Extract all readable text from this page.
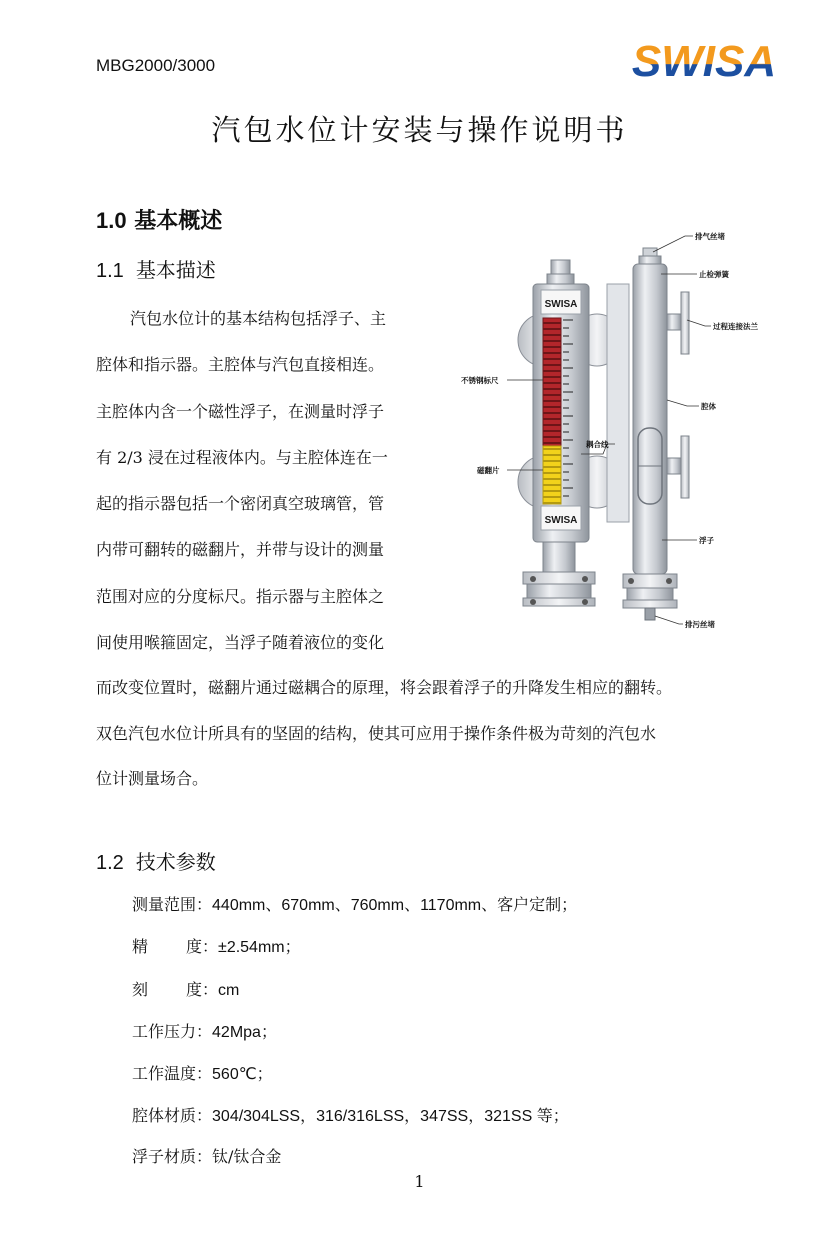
MBG2000/3000	SWISA
汽包水位计安装与操作说明书
1.0 基本概述
1.1 基本描述
汽包水位计的基本结构包括浮子、主
腔体和指示器。主腔体与汽包直接相连。
主腔体内含一个磁性浮子，在测量时浮子
有 2/3 浸在过程液体内。与主腔体连在一
起的指示器包括一个密闭真空玻璃管，管
内带可翻转的磁翻片，并带与设计的测量
范围对应的分度标尺。指示器与主腔体之
间使用喉箍固定，当浮子随着液位的变化
而改变位置时，磁翻片通过磁耦合的原理，将会跟着浮子的升降发生相应的翻转。
双色汽包水位计所具有的坚固的结构，使其可应用于操作条件极为苛刻的汽包水
位计测量场合。
SWISA
SWISA
排气丝堵
止检弹簧
过程连接法兰
不锈钢标尺
耦合线
腔体
磁翻片
浮子
排污丝堵
1.2 技术参数
测量范围：440mm、670mm、760mm、1170mm、客户定制；
精 度：±2.54mm；
刻 度：cm
工作压力：42Mpa；
工作温度：560℃；
腔体材质：304/304LSS，316/316LSS，347SS，321SS 等；
浮子材质：钛/钛合金
1
